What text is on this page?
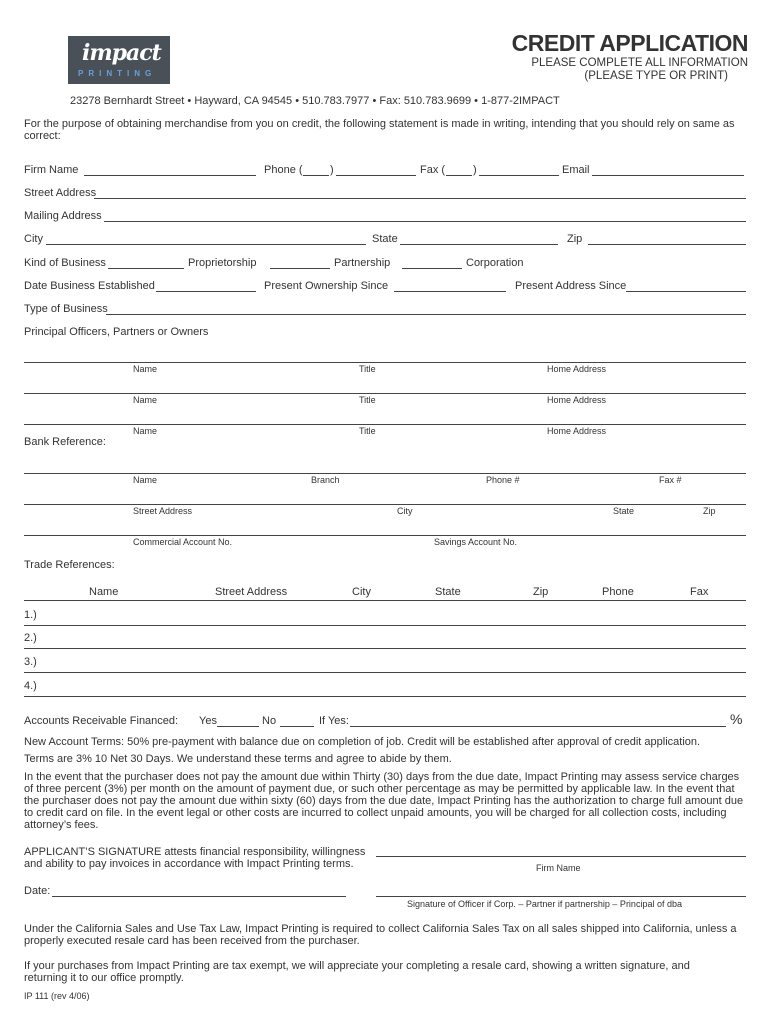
impact
PRINTING
CREDIT APPLICATION
PLEASE COMPLETE ALL INFORMATION
(PLEASE TYPE OR PRINT)
23278 Bernhardt Street • Hayward, CA 94545 • 510.783.7977 • Fax: 510.783.9699 • 1-877-2IMPACT
For the purpose of obtaining merchandise from you on credit, the following statement is made in writing, intending that you should rely on same as correct:
Firm Name	Phone ( )	Fax (	)	Email
Street Address
Mailing Address
City	State	Zip
Kind of Business	Proprietorship	Partnership	Corporation
Date Business Established	Present Ownership Since	Present Address Since
Type of Business
Principal Officers, Partners or Owners
Name	Title	Home Address
Name	Title	Home Address
Name	Title	Home Address
Bank Reference:
Name	Branch	Phone #	Fax #
Street Address	City	State	Zip
Commercial Account No.	Savings Account No.
Trade References:
Name	Street Address	City	State	Zip	Phone	Fax
1.)
2.)
3.)
4.)
Accounts Receivable Financed: Yes	No	If Yes:	%
New Account Terms: 50% pre-payment with balance due on completion of job. Credit will be established after approval of credit application.
Terms are 3% 10 Net 30 Days. We understand these terms and agree to abide by them.
In the event that the purchaser does not pay the amount due within Thirty (30) days from the due date, Impact Printing may assess service charges of three percent (3%) per month on the amount of payment due, or such other percentage as may be permitted by applicable law. In the event that the purchaser does not pay the amount due within sixty (60) days from the due date, Impact Printing has the authorization to charge full amount due to credit card on file. In the event legal or other costs are incurred to collect unpaid amounts, you will be charged for all collection costs, including attorney’s fees.
APPLICANT’S SIGNATURE attests financial responsibility, willingness and ability to pay invoices in accordance with Impact Printing terms.	Firm Name
Date:
Signature of Officer if Corp. – Partner if partnership – Principal of dba
Under the California Sales and Use Tax Law, Impact Printing is required to collect California Sales Tax on all sales shipped into California, unless a properly executed resale card has been received from the purchaser.
If your purchases from Impact Printing are tax exempt, we will appreciate your completing a resale card, showing a written signature, and returning it to our office promptly.
IP 111 (rev 4/06)
